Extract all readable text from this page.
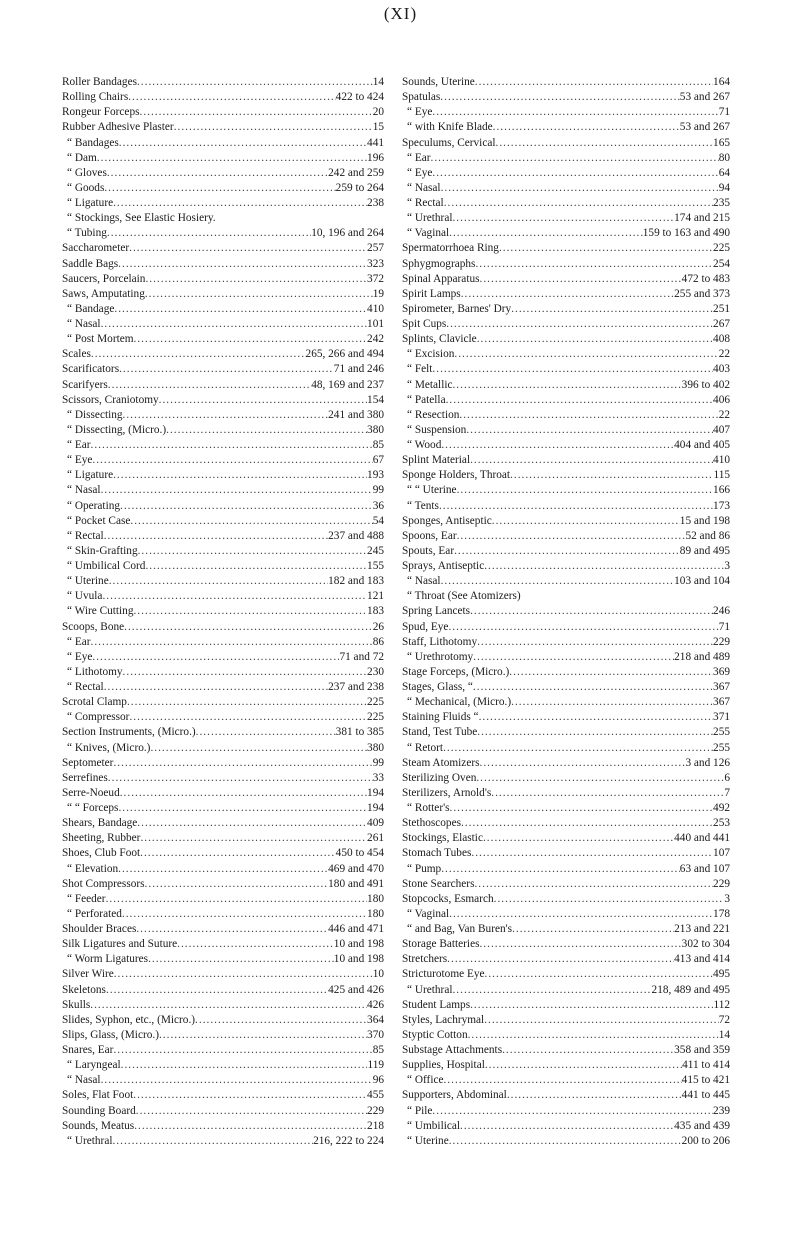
(XI)
Roller Bandages .....	14
Rolling Chairs .....	422 to 424
Rongeur Forceps .....	20
Rubber Adhesive Plaster .....	15
“ Bandages .....	441
“ Dam .....	196
“ Gloves .....	242 and 259
“ Goods .....	259 to 264
“ Ligature .....	238
“ Stockings, See Elastic Hosiery.
“ Tubing .....	10, 196 and 264
Saccharometer .....	257
Saddle Bags .....	323
Saucers, Porcelain .....	372
Saws, Amputating .....	19
“ Bandage .....	410
“ Nasal .....	101
“ Post Mortem .....	242
Scales .....	265, 266 and 494
Scarificators .....	71 and 246
Scarifyers .....	48, 169 and 237
Scissors, Craniotomy .....	154
“ Dissecting .....	241 and 380
“ Dissecting, (Micro.) .....	380
“ Ear .....	85
“ Eye .....	67
“ Ligature .....	193
“ Nasal .....	99
“ Operating .....	36
“ Pocket Case .....	54
“ Rectal .....	237 and 488
“ Skin-Grafting .....	245
“ Umbilical Cord .....	155
“ Uterine .....	182 and 183
“ Uvula .....	121
“ Wire Cutting .....	183
Scoops, Bone .....	26
“ Ear .....	86
“ Eye .....	71 and 72
“ Lithotomy .....	230
“ Rectal .....	237 and 238
Scrotal Clamp .....	225
“ Compressor .....	225
Section Instruments, (Micro.) .....	381 to 385
“ Knives, (Micro.) .....	380
Septometer .....	99
Serrefines .....	33
Serre-Noeud .....	194
“ “ Forceps .....	194
Shears, Bandage .....	409
Sheeting, Rubber .....	261
Shoes, Club Foot .....	450 to 454
“ Elevation .....	469 and 470
Shot Compressors .....	180 and 491
“ Feeder .....	180
“ Perforated .....	180
Shoulder Braces .....	446 and 471
Silk Ligatures and Suture .....	10 and 198
“ Worm Ligatures .....	10 and 198
Silver Wire .....	10
Skeletons .....	425 and 426
Skulls .....	426
Slides, Syphon, etc., (Micro.) .....	364
Slips, Glass, (Micro.) .....	370
Snares, Ear .....	85
“ Laryngeal .....	119
“ Nasal .....	96
Soles, Flat Foot .....	455
Sounding Board .....	229
Sounds, Meatus .....	218
“ Urethral .....	216, 222 to 224
Sounds, Uterine .....	164
Spatulas .....	53 and 267
“ Eye .....	71
“ with Knife Blade .....	53 and 267
Speculums, Cervical .....	165
“ Ear .....	80
“ Eye .....	64
“ Nasal .....	94
“ Rectal .....	235
“ Urethral .....	174 and 215
“ Vaginal .....	159 to 163 and 490
Spermatorrhoea Ring .....	225
Sphygmographs .....	254
Spinal Apparatus .....	472 to 483
Spirit Lamps .....	255 and 373
Spirometer, Barnes' Dry .....	251
Spit Cups .....	267
Splints, Clavicle .....	408
“ Excision .....	22
“ Felt .....	403
“ Metallic .....	396 to 402
“ Patella .....	406
“ Resection .....	22
“ Suspension .....	407
“ Wood .....	404 and 405
Splint Material .....	410
Sponge Holders, Throat .....	115
“ “ Uterine .....	166
“ Tents .....	173
Sponges, Antiseptic .....	15 and 198
Spoons, Ear .....	52 and 86
Spouts, Ear .....	89 and 495
Sprays, Antiseptic .....	3
“ Nasal .....	103 and 104
“ Throat (See Atomizers)
Spring Lancets .....	246
Spud, Eye .....	71
Staff, Lithotomy .....	229
“ Urethrotomy .....	218 and 489
Stage Forceps, (Micro.) .....	369
Stages, Glass, “ .....	367
“ Mechanical, (Micro.) .....	367
Staining Fluids “ .....	371
Stand, Test Tube .....	255
“ Retort .....	255
Steam Atomizers .....	3 and 126
Sterilizing Oven .....	6
Sterilizers, Arnold's .....	7
“ Rotter's .....	492
Stethoscopes .....	253
Stockings, Elastic .....	440 and 441
Stomach Tubes .....	107
“ Pump .....	63 and 107
Stone Searchers .....	229
Stopcocks, Esmarch .....	3
“ Vaginal .....	178
“ and Bag, Van Buren's .....	213 and 221
Storage Batteries .....	302 to 304
Stretchers .....	413 and 414
Stricturotome Eye .....	495
“ Urethral .....	218, 489 and 495
Student Lamps .....	112
Styles, Lachrymal .....	72
Styptic Cotton .....	14
Substage Attachments .....	358 and 359
Supplies, Hospital .....	411 to 414
“ Office .....	415 to 421
Supporters, Abdominal .....	441 to 445
“ Pile .....	239
“ Umbilical .....	435 and 439
“ Uterine .....	200 to 206
